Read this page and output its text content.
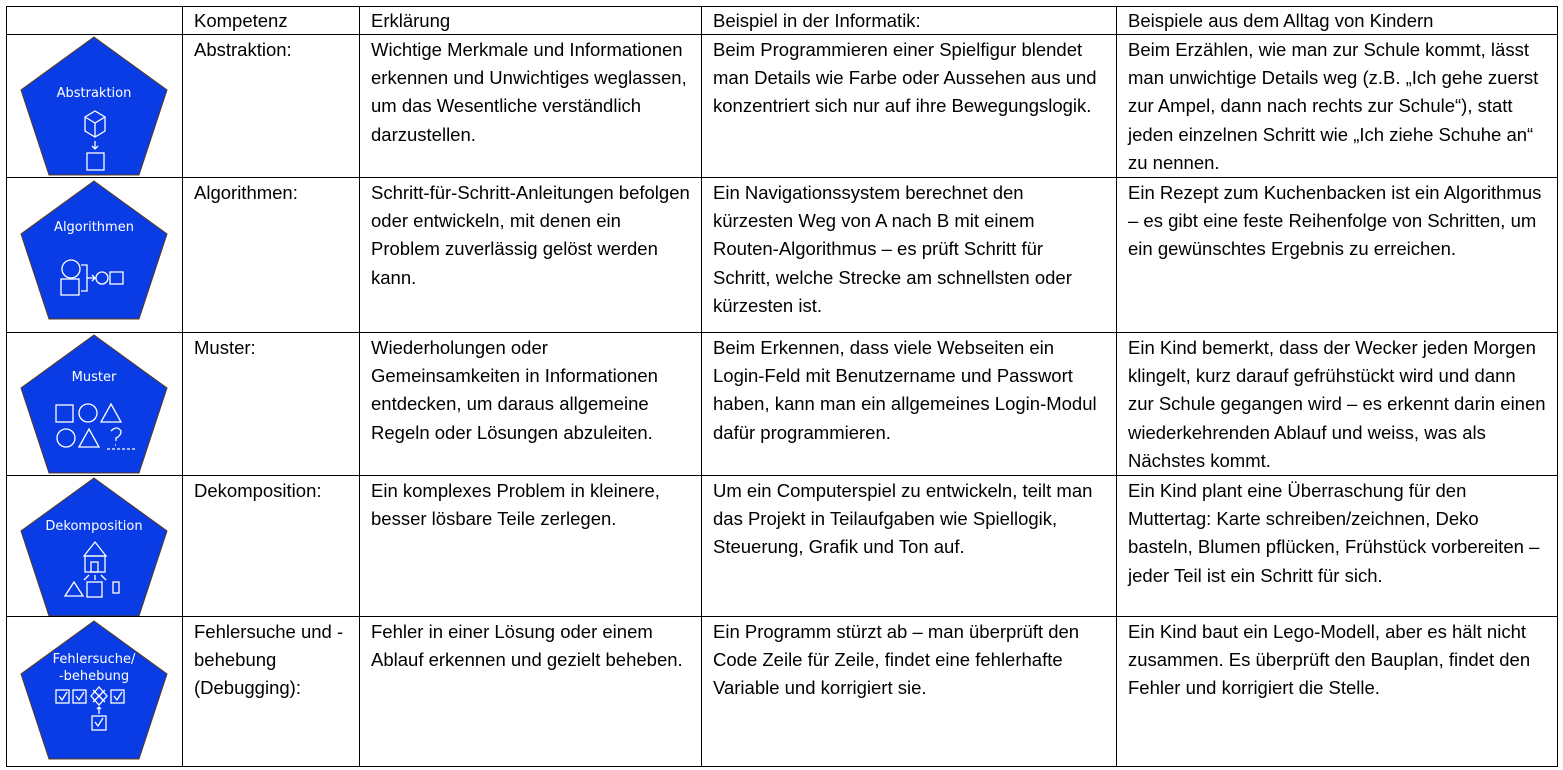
	Kompetenz	Erklärung	Beispiel in der Informatik:	Beispiele aus dem Alltag von Kindern

Abstraktion	Abstraktion:	Wichtige Merkmale und Informationen erkennen und Unwichtiges weglassen, um das Wesentliche verständlich darzustellen.	Beim Programmieren einer Spielfigur blendet man Details wie Farbe oder Aussehen aus und konzentriert sich nur auf ihre Bewegungslogik.	Beim Erzählen, wie man zur Schule kommt, lässt man unwichtige Details weg (z.B. „Ich gehe zuerst zur Ampel, dann nach rechts zur Schule“), statt jeden einzelnen Schritt wie „Ich ziehe Schuhe an“ zu nennen.

Algorithmen	Algorithmen:	Schritt-für-Schritt-Anleitungen befolgen oder entwickeln, mit denen ein Problem zuverlässig gelöst werden kann.	Ein Navigationssystem berechnet den kürzesten Weg von A nach B mit einem Routen-Algorithmus – es prüft Schritt für Schritt, welche Strecke am schnellsten oder kürzesten ist.	Ein Rezept zum Kuchenbacken ist ein Algorithmus – es gibt eine feste Reihenfolge von Schritten, um ein gewünschtes Ergebnis zu erreichen.

Muster	Muster:	Wiederholungen oder Gemeinsamkeiten in Informationen entdecken, um daraus allgemeine Regeln oder Lösungen abzuleiten.	Beim Erkennen, dass viele Webseiten ein Login-Feld mit Benutzername und Passwort haben, kann man ein allgemeines Login-Modul dafür programmieren.	Ein Kind bemerkt, dass der Wecker jeden Morgen klingelt, kurz darauf gefrühstückt wird und dann zur Schule gegangen wird – es erkennt darin einen wiederkehrenden Ablauf und weiss, was als Nächstes kommt.

Dekomposition	Dekomposition:	Ein komplexes Problem in kleinere, besser lösbare Teile zerlegen.	Um ein Computerspiel zu entwickeln, teilt man das Projekt in Teilaufgaben wie Spiellogik, Steuerung, Grafik und Ton auf.	Ein Kind plant eine Überraschung für den Muttertag: Karte schreiben/zeichnen, Deko basteln, Blumen pflücken, Frühstück vorbereiten – jeder Teil ist ein Schritt für sich.

Fehlersuche/
-behebung	Fehlersuche und -behebung (Debugging):	Fehler in einer Lösung oder einem Ablauf erkennen und gezielt beheben.	Ein Programm stürzt ab – man überprüft den Code Zeile für Zeile, findet eine fehlerhafte Variable und korrigiert sie.	Ein Kind baut ein Lego-Modell, aber es hält nicht zusammen. Es überprüft den Bauplan, findet den Fehler und korrigiert die Stelle.
